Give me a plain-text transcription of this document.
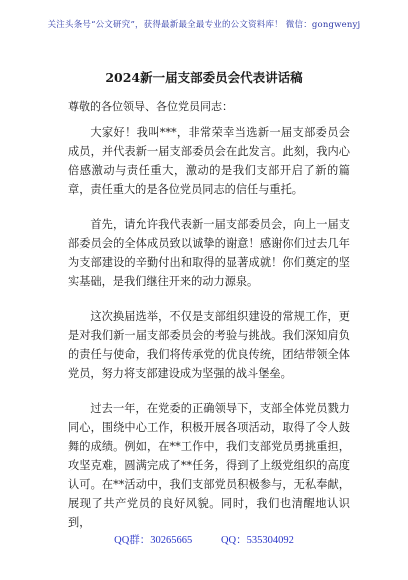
关注头条号“公文研究”，获得最新最全最专业的公文资料库！ 微信：gongwenyj
2024新一届支部委员会代表讲话稿
尊敬的各位领导、各位党员同志：

大家好！我叫***，非常荣幸当选新一届支部委员会成员，并代表新一届支部委员会在此发言。此刻，我内心倍感激动与责任重大，激动的是我们支部开启了新的篇章，责任重大的是各位党员同志的信任与重托。

首先，请允许我代表新一届支部委员会，向上一届支部委员会的全体成员致以诚挚的谢意！感谢你们过去几年为支部建设的辛勤付出和取得的显著成就！你们奠定的坚实基础，是我们继往开来的动力源泉。

这次换届选举，不仅是支部组织建设的常规工作，更是对我们新一届支部委员会的考验与挑战。我们深知肩负的责任与使命，我们将传承党的优良传统，团结带领全体党员，努力将支部建设成为坚强的战斗堡垒。

过去一年，在党委的正确领导下，支部全体党员戮力同心，围绕中心工作，积极开展各项活动，取得了令人鼓舞的成绩。例如，在**工作中，我们支部党员勇挑重担，攻坚克难，圆满完成了**任务，得到了上级党组织的高度认可。在**活动中，我们支部党员积极参与，无私奉献，展现了共产党员的良好风貌。同时，我们也清醒地认识到，

QQ群：30265665	QQ：535304092
